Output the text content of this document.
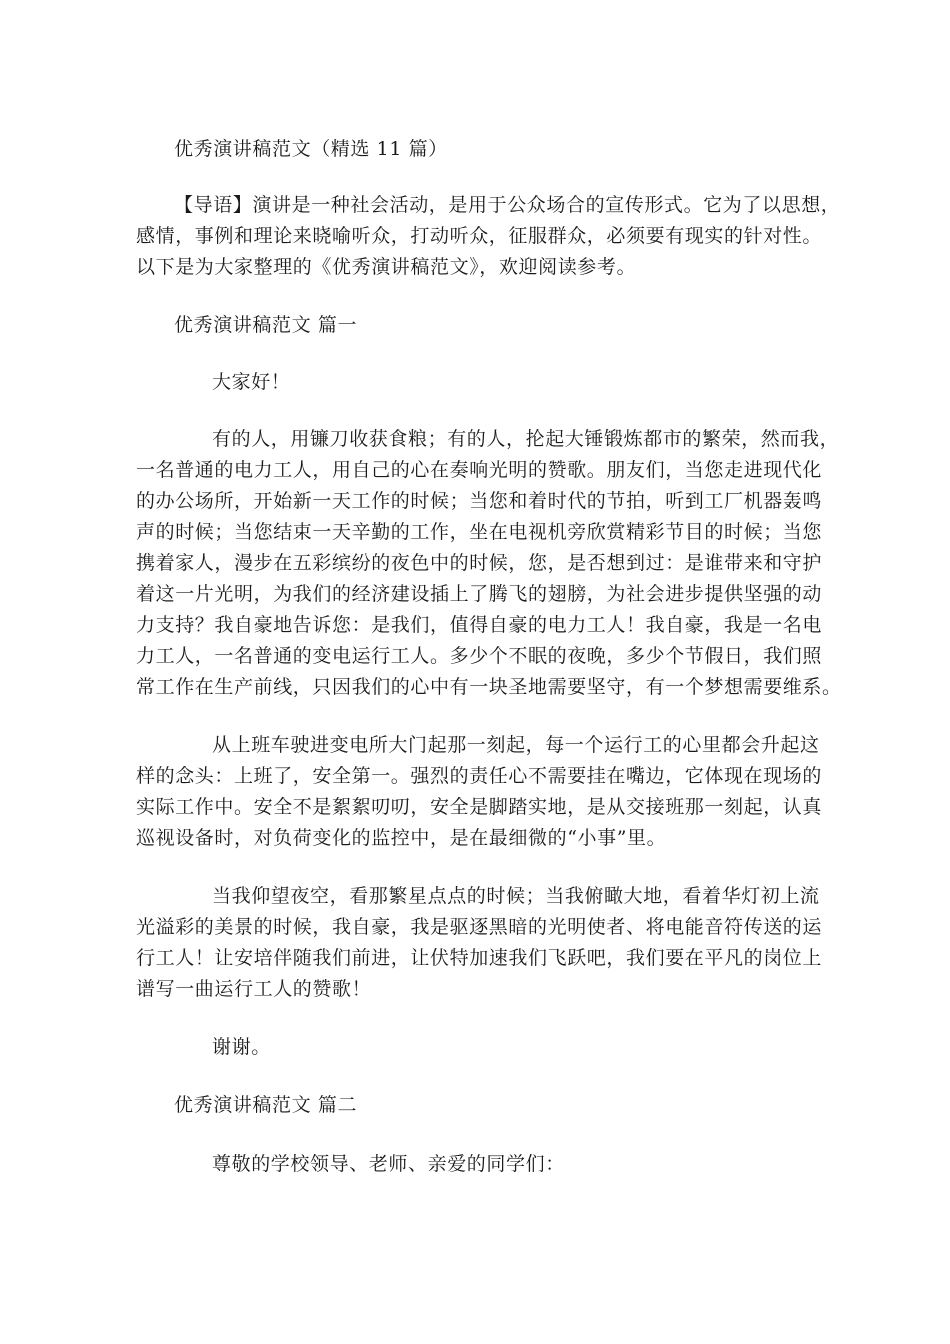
优秀演讲稿范文（精选 11 篇）
【导语】演讲是一种社会活动，是用于公众场合的宣传形式。它为了以思想，
感情，事例和理论来晓喻听众，打动听众，征服群众，必须要有现实的针对性。
以下是为大家整理的《优秀演讲稿范文》，欢迎阅读参考。
优秀演讲稿范文 篇一
大家好！
有的人，用镰刀收获食粮；有的人，抡起大锤锻炼都市的繁荣，然而我，
一名普通的电力工人，用自己的心在奏响光明的赞歌。朋友们，当您走进现代化
的办公场所，开始新一天工作的时候；当您和着时代的节拍，听到工厂机器轰鸣
声的时候；当您结束一天辛勤的工作，坐在电视机旁欣赏精彩节目的时候；当您
携着家人，漫步在五彩缤纷的夜色中的时候，您，是否想到过：是谁带来和守护
着这一片光明，为我们的经济建设插上了腾飞的翅膀，为社会进步提供坚强的动
力支持？我自豪地告诉您：是我们，值得自豪的电力工人！我自豪，我是一名电
力工人，一名普通的变电运行工人。多少个不眠的夜晚，多少个节假日，我们照
常工作在生产前线，只因我们的心中有一块圣地需要坚守，有一个梦想需要维系。
从上班车驶进变电所大门起那一刻起，每一个运行工的心里都会升起这
样的念头：上班了，安全第一。强烈的责任心不需要挂在嘴边，它体现在现场的
实际工作中。安全不是絮絮叨叨，安全是脚踏实地，是从交接班那一刻起，认真
巡视设备时，对负荷变化的监控中，是在最细微的“小事”里。
当我仰望夜空，看那繁星点点的时候；当我俯瞰大地，看着华灯初上流
光溢彩的美景的时候，我自豪，我是驱逐黑暗的光明使者、将电能音符传送的运
行工人！让安培伴随我们前进，让伏特加速我们飞跃吧，我们要在平凡的岗位上
谱写一曲运行工人的赞歌！
谢谢。
优秀演讲稿范文 篇二
尊敬的学校领导、老师、亲爱的同学们：
